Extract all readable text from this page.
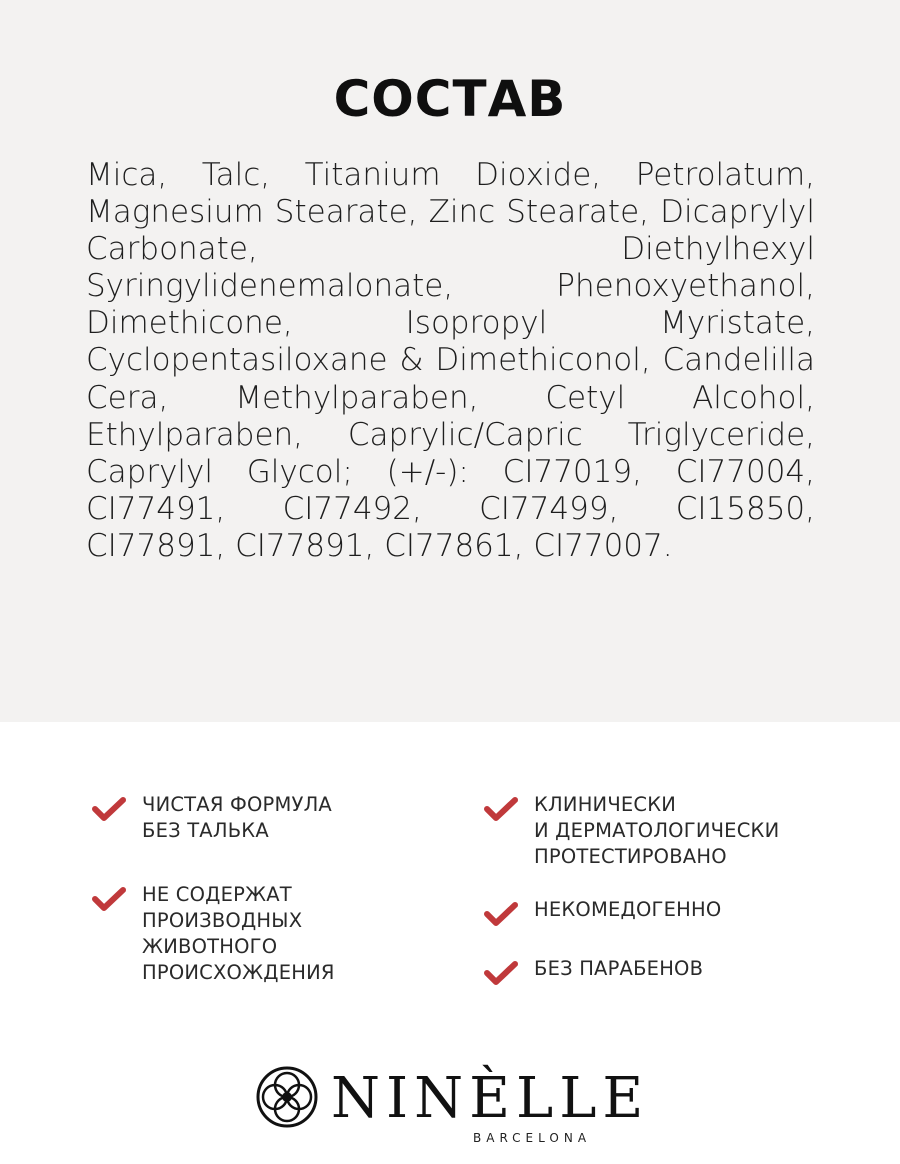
СОСТАВ
Mica, Talc, Titanium Dioxide, Petrolatum, Magnesium Stearate, Zinc Stearate, Dicaprylyl Carbonate, Diethylhexyl Syringylidenemalonate, Phenoxyethanol, Dimethicone, Isopropyl Myristate, Cyclopentasiloxane & Dimethiconol, Candelilla Cera, Methylparaben, Cetyl Alcohol, Ethylparaben, Caprylic/Capric Triglyceride, Caprylyl Glycol; (+/-): CI77019, CI77004, CI77491, CI77492, CI77499, CI15850, CI77891, CI77891, CI77861, CI77007.
ЧИСТАЯ ФОРМУЛА
БЕЗ ТАЛЬКА
НЕ СОДЕРЖАТ
ПРОИЗВОДНЫХ
ЖИВОТНОГО
ПРОИСХОЖДЕНИЯ
КЛИНИЧЕСКИ
И ДЕРМАТОЛОГИЧЕСКИ
ПРОТЕСТИРОВАНО
НЕКОМЕДОГЕННО
БЕЗ ПАРАБЕНОВ
NINÈLLE
BARCELONA
